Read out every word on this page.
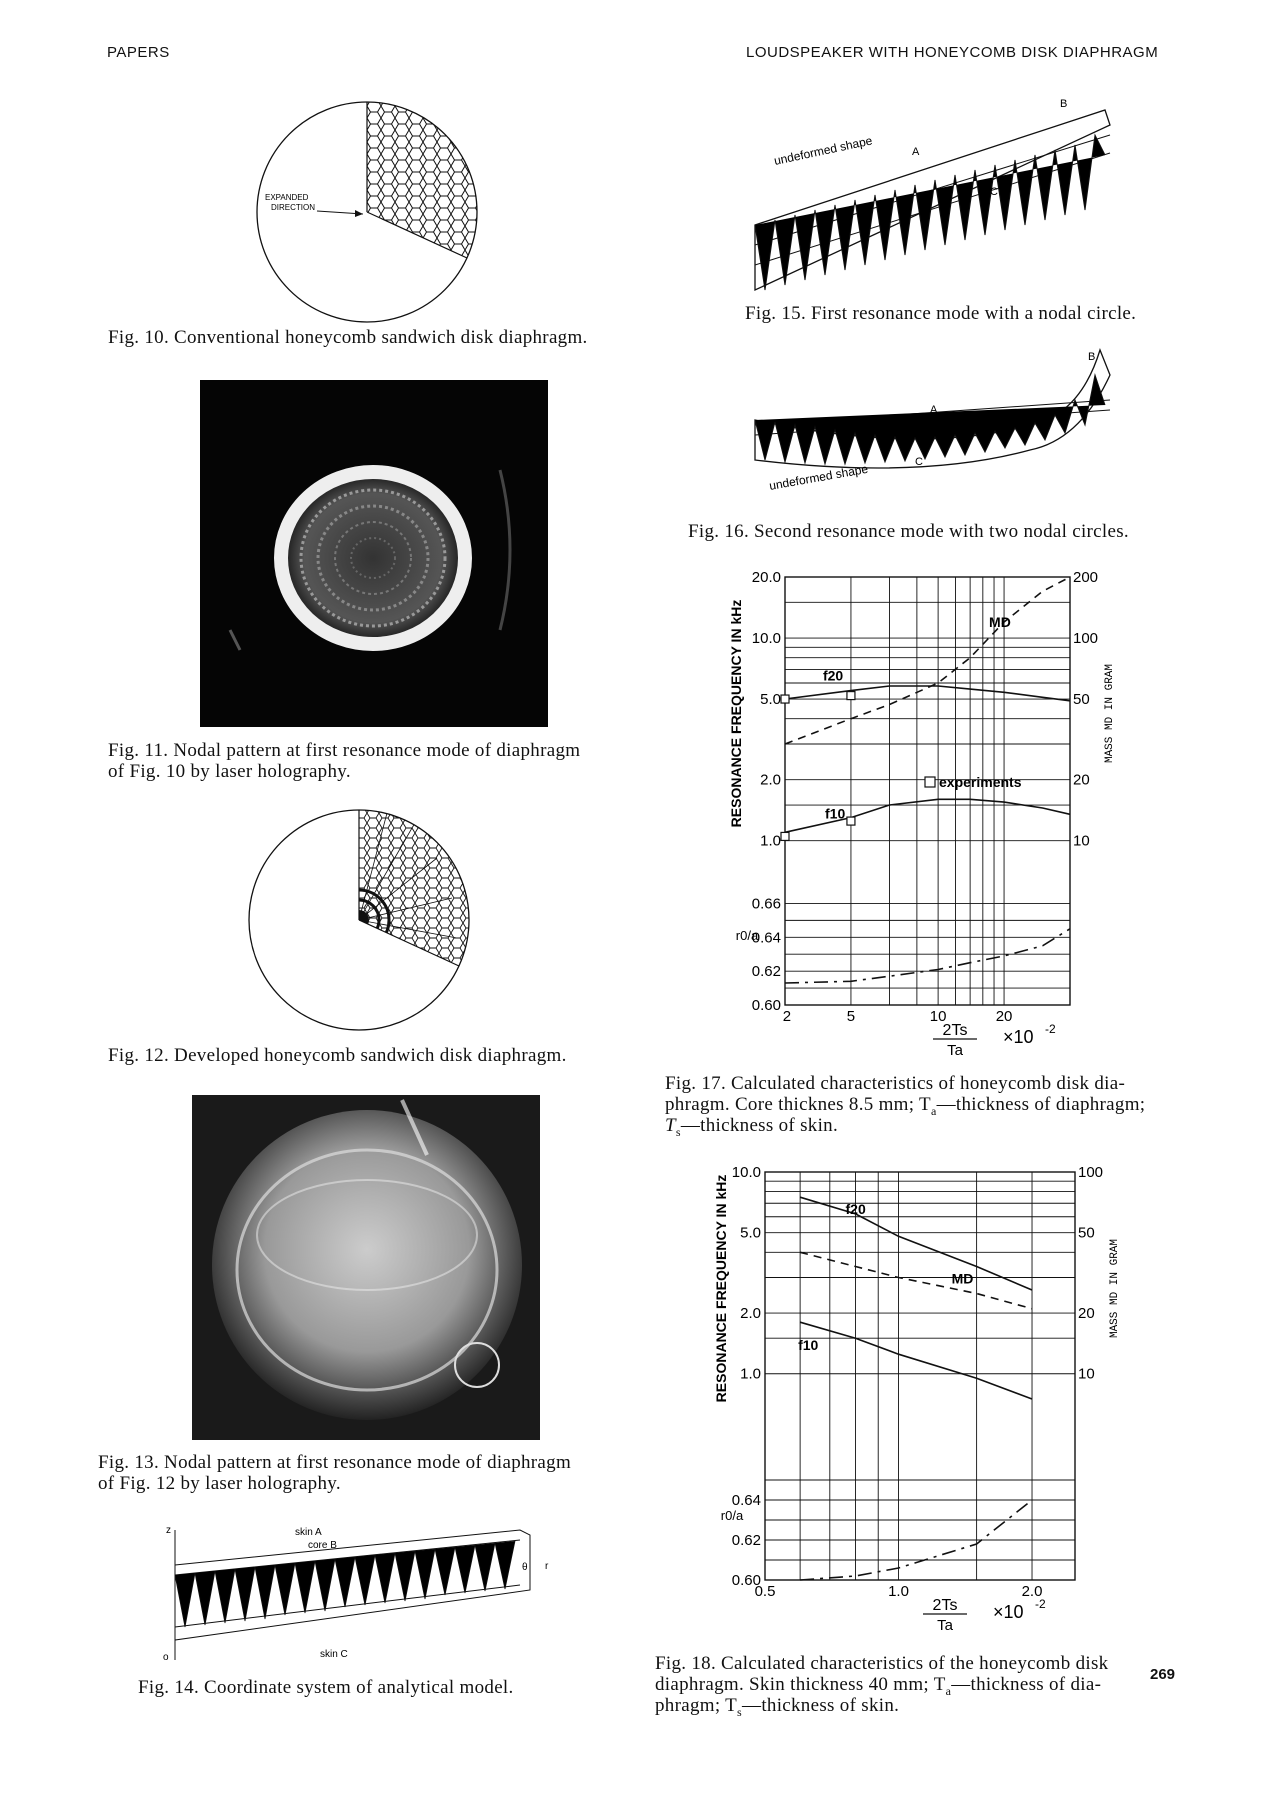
PAPERS	LOUDSPEAKER WITH HONEYCOMB DISK DIAPHRAGM
EXPANDED
DIRECTION
Fig. 10. Conventional honeycomb sandwich disk diaphragm.
Fig. 11. Nodal pattern at first resonance mode of diaphragm
of Fig. 10 by laser holography.
Fig. 12. Developed honeycomb sandwich disk diaphragm.
Fig. 13. Nodal pattern at first resonance mode of diaphragm
of Fig. 12 by laser holography.
z
o
skin A
core B
skin C
θ r
Fig. 14. Coordinate system of analytical model.
undeformed shape	A
B
C
Fig. 15. First resonance mode with a nodal circle.
undeformed shape
A
B
C
Fig. 16. Second resonance mode with two nodal circles.
20.0
10.0
5.0
2.0
1.0
200
100
50
20
10
0.66
0.64
0.62
0.60
2	5	10	20
RESONANCE FREQUENCY IN kHz	MASS MD IN GRAM
r0/a
2Ts
Ta
×10 -2
f20
f10
MD
experiments
Fig. 17. Calculated characteristics of honeycomb disk dia-
phragm. Core thicknes 8.5 mm; $T_a—thickness$ of diaphragm;
$T_s—thickness$ of skin.
10.0
5.0
2.0
1.0
100
50
20
10
0.64
0.62
0.60
0.5	1.0	2.0
RESONANCE FREQUENCY IN kHz	MASS MD IN GRAM
r0/a
2Ts
Ta
×10 -2
f20
MD
f10
Fig. 18. Calculated characteristics of the honeycomb disk
diaphragm. Skin thickness 40 mm; $T_a—thickness$ of dia-
phragm; $T_s—thickness$ of skin.
269
